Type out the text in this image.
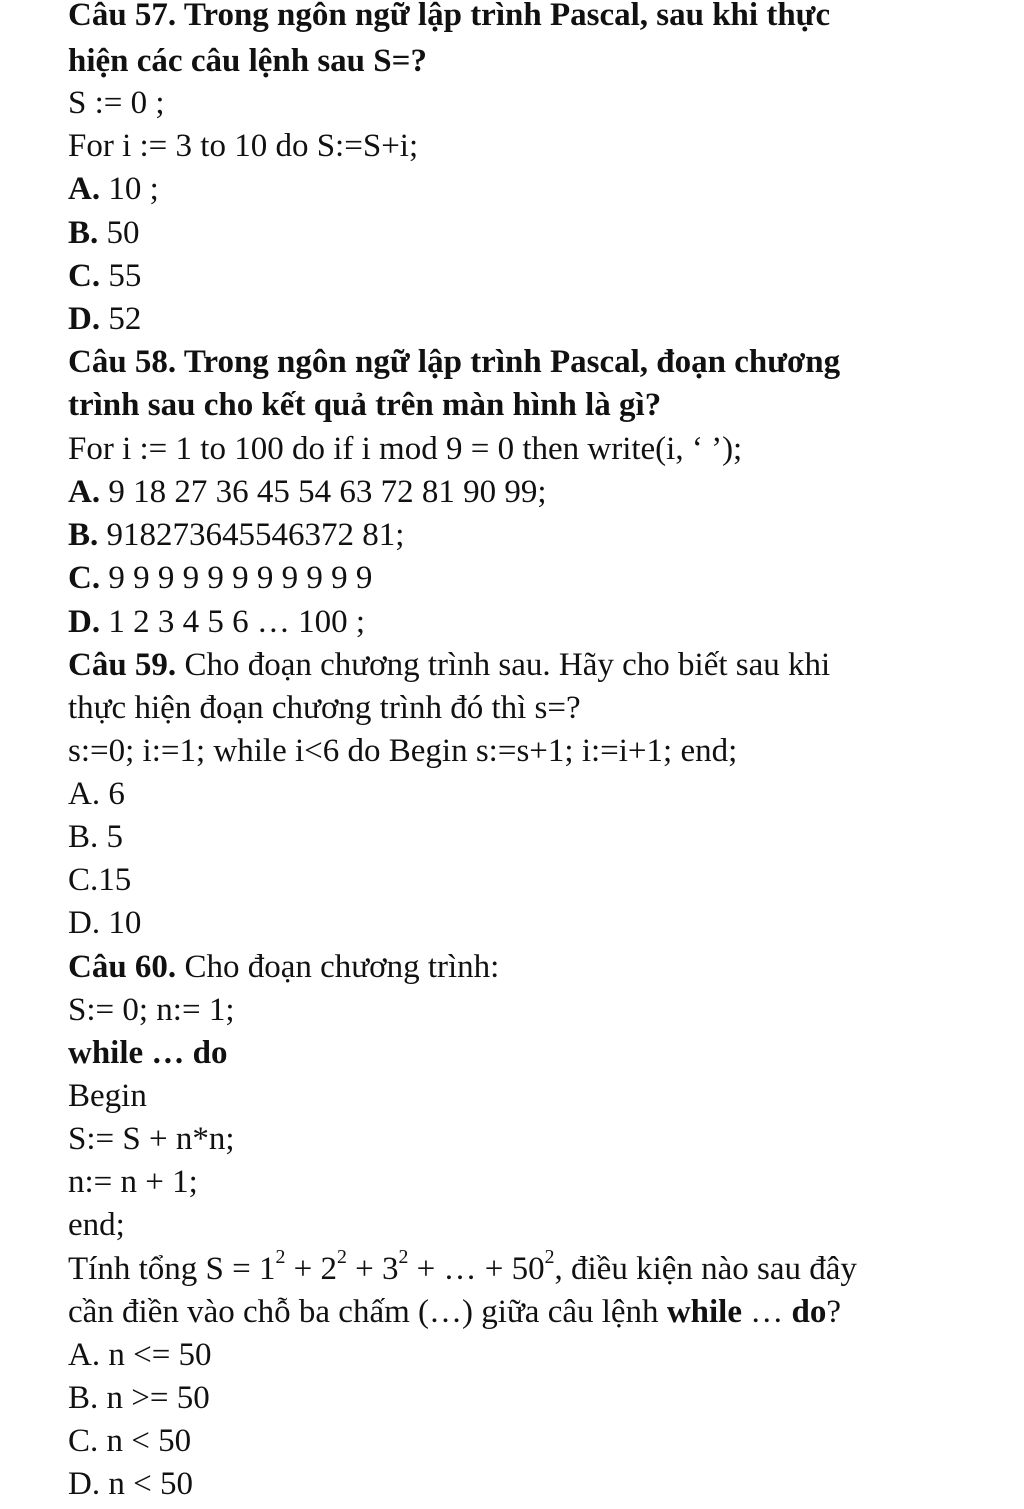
Câu 57. Trong ngôn ngữ lập trình Pascal, sau khi thực
hiện các câu lệnh sau S=?
S := 0 ;
For i := 3 to 10 do S:=S+i;
A. 10 ;
B. 50
C. 55
D. 52
Câu 58. Trong ngôn ngữ lập trình Pascal, đoạn chương
trình sau cho kết quả trên màn hình là gì?
For i := 1 to 100 do if i mod 9 = 0 then write(i, ‘ ’);
A. 9 18 27 36 45 54 63 72 81 90 99;
B. 918273645546372 81;
C. 9 9 9 9 9 9 9 9 9 9 9
D. 1 2 3 4 5 6 … 100 ;
Câu 59. Cho đoạn chương trình sau. Hãy cho biết sau khi
thực hiện đoạn chương trình đó thì s=?
s:=0; i:=1; while i<6 do Begin s:=s+1; i:=i+1; end;
A. 6
B. 5
C.15
D. 10
Câu 60. Cho đoạn chương trình:
S:= 0; n:= 1;
while … do
Begin
S:= S + n*n;
n:= n + 1;
end;
Tính tổng $S = 1^2 + 2^2 + 3^2$ + … + $50^2$, điều kiện nào sau đây
cần điền vào chỗ ba chấm (…) giữa câu lệnh while … do?
A. n <= 50
B. n >= 50
C. n < 50
D. n < 50
